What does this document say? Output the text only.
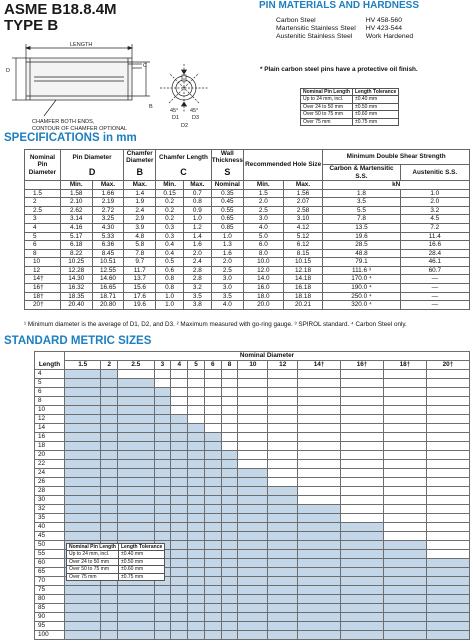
ASME B18.8.4M
TYPE B
LENGTH
D
C
B
D1 D3
D2
45° 45°
CHAMFER BOTH ENDS,
CONTOUR OF CHAMFER OPTIONAL
PIN MATERIALS AND HARDNESS
Carbon Steel	HV 458-560
Martensitic Stainless Steel	HV 423-544
Austenitic Stainless Steel	Work Hardened
* Plain carbon steel pins have a protective oil finish.
Nominal Pin Length	Length Tolerance
Up to 24 mm, incl.	±0.40 mm
Over 24 to 50 mm	±0.50 mm
Over 50 to 75 mm	±0.60 mm
Over 75 mm	±0.75 mm
SPECIFICATIONS in mm
Nominal Pin Diameter	Pin Diameter		Chamfer Diameter	Chamfer Length		Wall Thickness	Recommended Hole Size		Minimum Double Shear Strength	
	D		B	C		S			Carbon & Martensitic S.S.	Austenitic S.S.
	Min.	Max.	Max.	Min.	Max.	Nominal	Min.	Max.	kN	
1.5	1.58	1.66	1.4	0.15	0.7	0.35	1.5	1.56	1.8	1.0
2	2.10	2.19	1.9	0.2	0.8	0.45	2.0	2.07	3.5	2.0
2.5	2.62	2.72	2.4	0.2	0.9	0.55	2.5	2.58	5.5	3.2
3	3.14	3.25	2.9	0.2	1.0	0.65	3.0	3.10	7.8	4.5
4	4.16	4.30	3.9	0.3	1.2	0.85	4.0	4.12	13.5	7.2
5	5.17	5.33	4.8	0.3	1.4	1.0	5.0	5.12	19.6	11.4
6	6.18	6.36	5.8	0.4	1.6	1.3	6.0	6.12	28.5	16.6
8	8.22	8.45	7.8	0.4	2.0	1.6	8.0	8.15	48.8	28.4
10	10.25	10.51	9.7	0.5	2.4	2.0	10.0	10.15	79.1	46.1
12	12.28	12.55	11.7	0.6	2.8	2.5	12.0	12.18	111.6 ³	60.7
14†	14.30	14.60	13.7	0.8	2.8	3.0	14.0	14.18	170.0 ⁴	—
16†	16.32	16.65	15.6	0.8	3.2	3.0	16.0	16.18	190.0 ⁴	—
18†	18.35	18.71	17.6	1.0	3.5	3.5	18.0	18.18	250.0 ⁴	—
20†	20.40	20.80	19.6	1.0	3.8	4.0	20.0	20.21	320.0 ⁴	—
¹ Minimum diameter is the average of D1, D2, and D3. ² Maximum measured with go-ring gauge. ³ SPIROL standard. ⁴ Carbon Steel only.
STANDARD METRIC SIZES
Length	Nominal Diameter													
	1.5	2	2.5	3	4	5	6	8	10	12	14†	16†	18†	20†
4														
5														
6														
8														
10														
12														
14														
16														
18														
20														
22														
24														
26														
28														
30														
32														
35														
40														
45														
50														
55														
60														
65														
70														
75														
80														
85														
90														
95														
100														
Nominal Pin Length	Length Tolerance
Up to 24 mm, incl.	±0.40 mm
Over 24 to 50 mm	±0.50 mm
Over 50 to 75 mm	±0.60 mm
Over 75 mm	±0.75 mm
